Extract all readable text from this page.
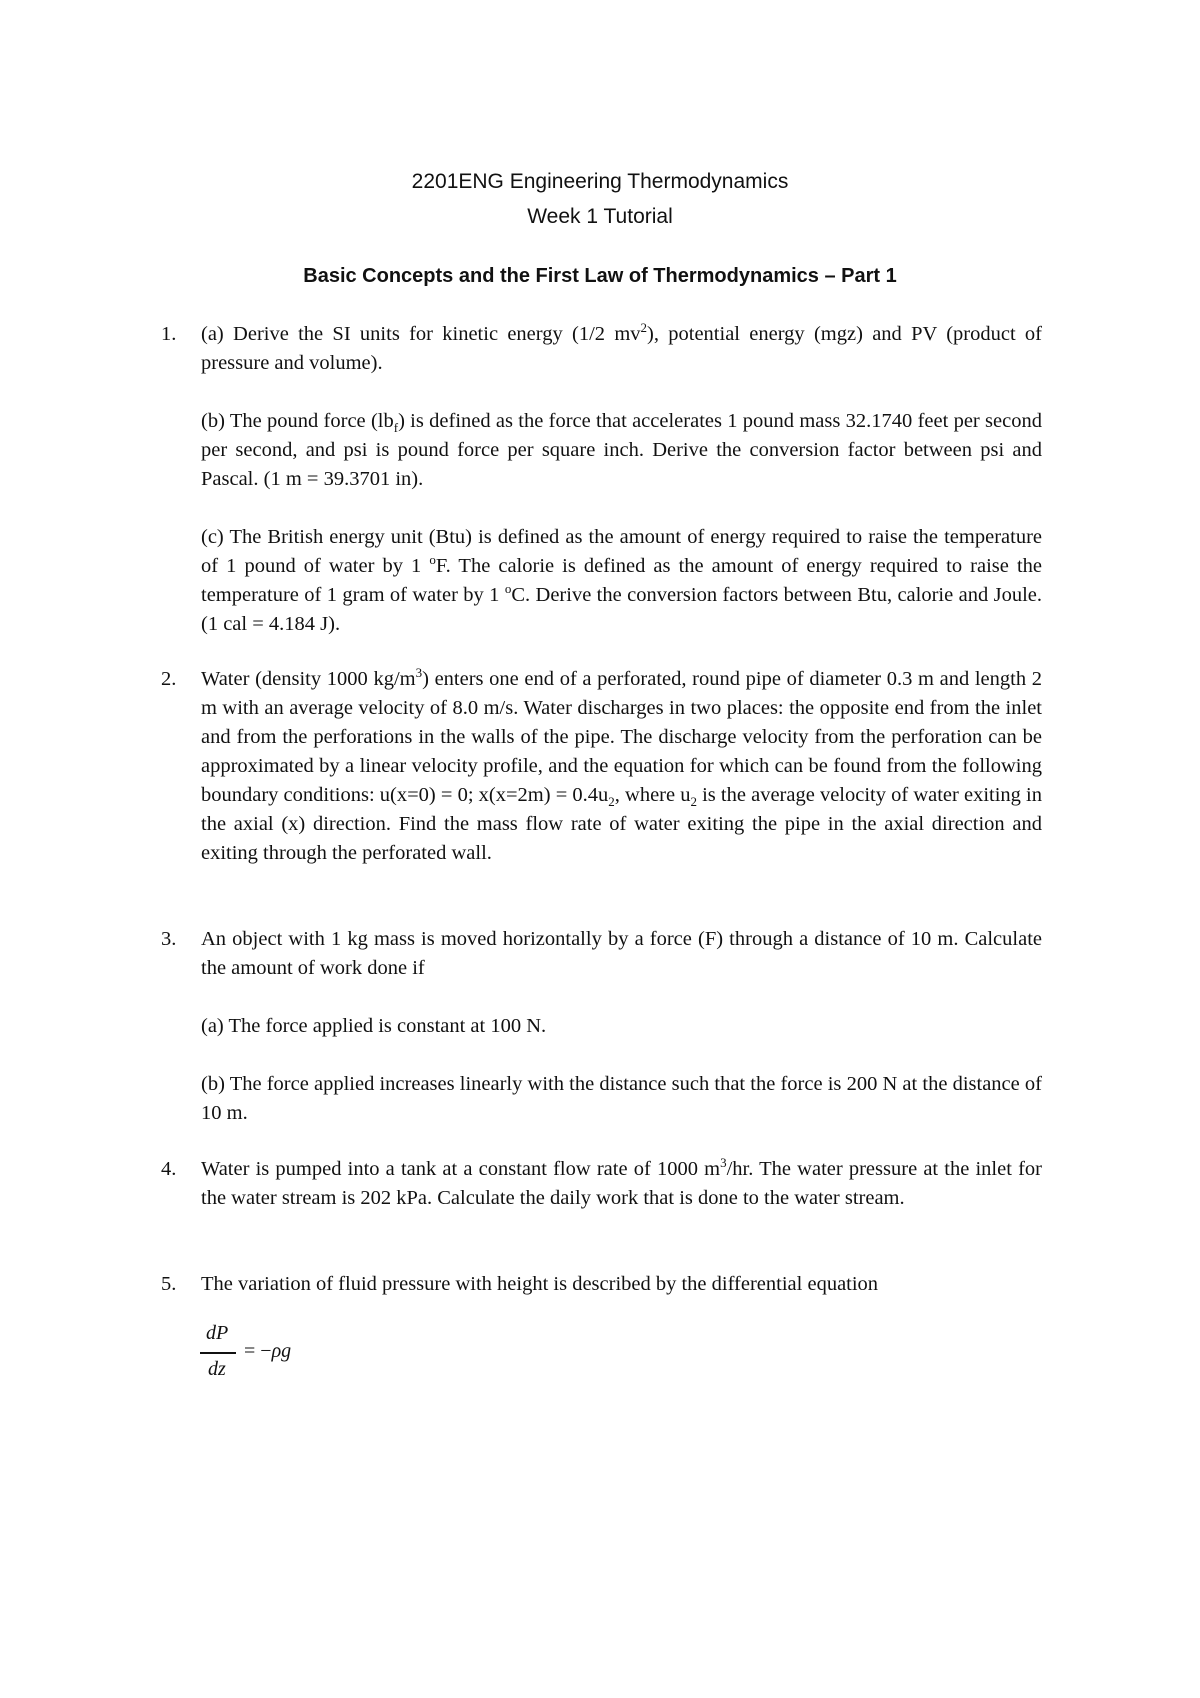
2201ENG Engineering Thermodynamics
Week 1 Tutorial
Basic Concepts and the First Law of Thermodynamics – Part 1
1. (a) Derive the SI units for kinetic energy (1/2 $mv^2$), potential energy (mgz) and PV (product of pressure and volume).

(b) The pound force $(lb_f)$ is defined as the force that accelerates 1 pound mass 32.1740 feet per second per second, and psi is pound force per square inch. Derive the conversion factor between psi and Pascal. (1 m = 39.3701 in).

(c) The British energy unit (Btu) is defined as the amount of energy required to raise the temperature of 1 pound of water by 1 $^o$F. The calorie is defined as the amount of energy required to raise the temperature of 1 gram of water by 1 $^o$C. Derive the conversion factors between Btu, calorie and Joule. (1 cal = 4.184 J).

2. Water (density 1000 $kg/m^3$) enters one end of a perforated, round pipe of diameter 0.3 m and length 2 m with an average velocity of 8.0 m/s. Water discharges in two places: the opposite end from the inlet and from the perforations in the walls of the pipe. The discharge velocity from the perforation can be approximated by a linear velocity profile, and the equation for which can be found from the following boundary conditions: u(x=0) = 0; $x(x=2m) = 0.4u_2$, where $u_2$ is the average velocity of water exiting in the axial (x) direction. Find the mass flow rate of water exiting the pipe in the axial direction and exiting through the perforated wall.

3. An object with 1 kg mass is moved horizontally by a force (F) through a distance of 10 m. Calculate the amount of work done if

(a) The force applied is constant at 100 N.

(b) The force applied increases linearly with the distance such that the force is 200 N at the distance of 10 m.

4. Water is pumped into a tank at a constant flow rate of 1000 $m^3/hr$. The water pressure at the inlet for the water stream is 202 kPa. Calculate the daily work that is done to the water stream.

5. The variation of fluid pressure with height is described by the differential equation

dP
dz
= −ρg
